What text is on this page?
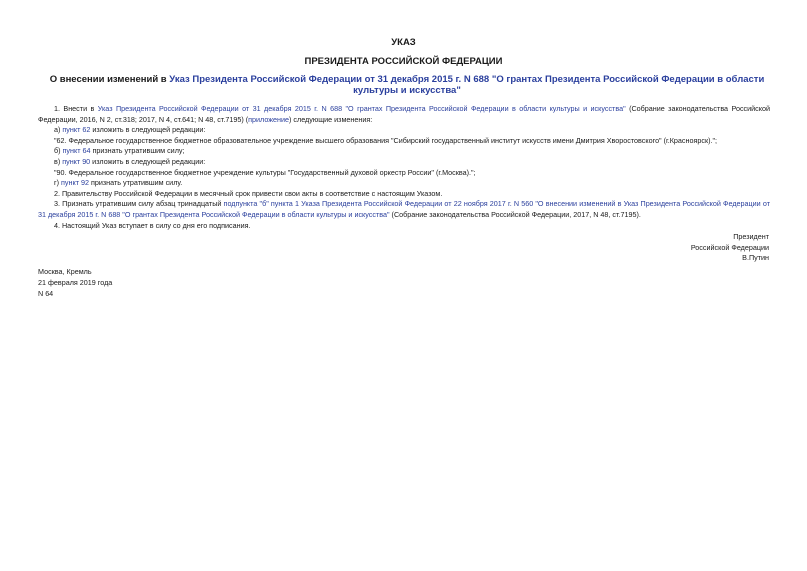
УКАЗ
ПРЕЗИДЕНТА РОССИЙСКОЙ ФЕДЕРАЦИИ

О внесении изменений в Указ Президента Российской Федерации от 31 декабря 2015 г. N 688 "О грантах Президента Российской Федерации в области культуры и искусства"

1. Внести в Указ Президента Российской Федерации от 31 декабря 2015 г. N 688 "О грантах Президента Российской Федерации в области культуры и искусства" (Собрание законодательства Российской Федерации, 2016, N 2, ст.318; 2017, N 4, ст.641; N 48, ст.7195) (приложение) следующие изменения:

а) пункт 62 изложить в следующей редакции:

"62. Федеральное государственное бюджетное образовательное учреждение высшего образования "Сибирский государственный институт искусств имени Дмитрия Хворостовского" (г.Красноярск).";

б) пункт 64 признать утратившим силу;

в) пункт 90 изложить в следующей редакции:

"90. Федеральное государственное бюджетное учреждение культуры "Государственный духовой оркестр России" (г.Москва).";

г) пункт 92 признать утратившим силу.

2. Правительству Российской Федерации в месячный срок привести свои акты в соответствие с настоящим Указом.

3. Признать утратившим силу абзац тринадцатый подпункта "б" пункта 1 Указа Президента Российской Федерации от 22 ноября 2017 г. N 560 "О внесении изменений в Указ Президента Российской Федерации от 31 декабря 2015 г. N 688 "О грантах Президента Российской Федерации в области культуры и искусства" (Собрание законодательства Российской Федерации, 2017, N 48, ст.7195).

4. Настоящий Указ вступает в силу со дня его подписания.

Президент
Российской Федерации
В.Путин
Москва, Кремль
21 февраля 2019 года
N 64
